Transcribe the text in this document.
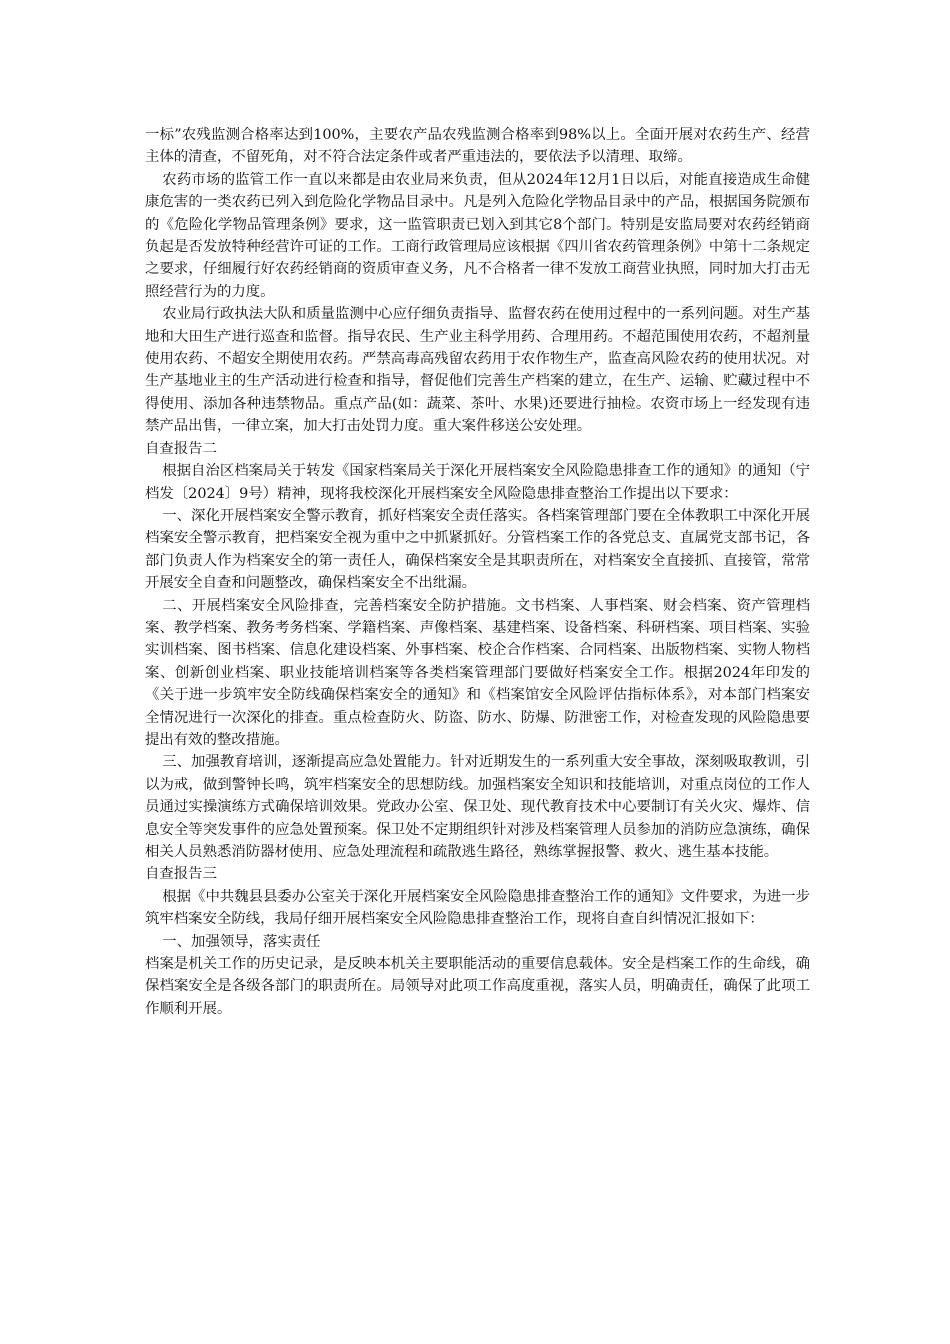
一标”农残监测合格率达到100%，主要农产品农残监测合格率到98%以上。全面开展对农药生产、经营主体的清查，不留死角，对不符合法定条件或者严重违法的，要依法予以清理、取缔。

农药市场的监管工作一直以来都是由农业局来负责，但从2024年12月1日以后，对能直接造成生命健康危害的一类农药已列入到危险化学物品目录中。凡是列入危险化学物品目录中的产品，根据国务院颁布的《危险化学物品管理条例》要求，这一监管职责已划入到其它8个部门。特别是安监局要对农药经销商负起是否发放特种经营许可证的工作。工商行政管理局应该根据《四川省农药管理条例》中第十二条规定之要求，仔细履行好农药经销商的资质审查义务，凡不合格者一律不发放工商营业执照，同时加大打击无照经营行为的力度。

农业局行政执法大队和质量监测中心应仔细负责指导、监督农药在使用过程中的一系列问题。对生产基地和大田生产进行巡查和监督。指导农民、生产业主科学用药、合理用药。不超范围使用农药，不超剂量使用农药、不超安全期使用农药。严禁高毒高残留农药用于农作物生产，监查高风险农药的使用状况。对生产基地业主的生产活动进行检查和指导，督促他们完善生产档案的建立，在生产、运输、贮藏过程中不得使用、添加各种违禁物品。重点产品(如：蔬菜、茶叶、水果)还要进行抽检。农资市场上一经发现有违禁产品出售，一律立案，加大打击处罚力度。重大案件移送公安处理。

自查报告二

根据自治区档案局关于转发《国家档案局关于深化开展档案安全风险隐患排查工作的通知》的通知（宁档发〔2024〕9号）精神，现将我校深化开展档案安全风险隐患排查整治工作提出以下要求：

一、深化开展档案安全警示教育，抓好档案安全责任落实。各档案管理部门要在全体教职工中深化开展档案安全警示教育，把档案安全视为重中之中抓紧抓好。分管档案工作的各党总支、直属党支部书记，各部门负责人作为档案安全的第一责任人，确保档案安全是其职责所在，对档案安全直接抓、直接管，常常开展安全自查和问题整改，确保档案安全不出纰漏。

二、开展档案安全风险排查，完善档案安全防护措施。文书档案、人事档案、财会档案、资产管理档案、教学档案、教务考务档案、学籍档案、声像档案、基建档案、设备档案、科研档案、项目档案、实验实训档案、图书档案、信息化建设档案、外事档案、校企合作档案、合同档案、出版物档案、实物人物档案、创新创业档案、职业技能培训档案等各类档案管理部门要做好档案安全工作。根据2024年印发的《关于进一步筑牢安全防线确保档案安全的通知》和《档案馆安全风险评估指标体系》，对本部门档案安全情况进行一次深化的排查。重点检查防火、防盗、防水、防爆、防泄密工作，对检查发现的风险隐患要提出有效的整改措施。

三、加强教育培训，逐渐提高应急处置能力。针对近期发生的一系列重大安全事故，深刻吸取教训，引以为戒，做到警钟长鸣，筑牢档案安全的思想防线。加强档案安全知识和技能培训，对重点岗位的工作人员通过实操演练方式确保培训效果。党政办公室、保卫处、现代教育技术中心要制订有关火灾、爆炸、信息安全等突发事件的应急处置预案。保卫处不定期组织针对涉及档案管理人员参加的消防应急演练，确保相关人员熟悉消防器材使用、应急处理流程和疏散逃生路径，熟练掌握报警、救火、逃生基本技能。

自查报告三

根据《中共魏县县委办公室关于深化开展档案安全风险隐患排查整治工作的通知》文件要求，为进一步筑牢档案安全防线，我局仔细开展档案安全风险隐患排查整治工作，现将自查自纠情况汇报如下：

一、加强领导，落实责任

档案是机关工作的历史记录，是反映本机关主要职能活动的重要信息载体。安全是档案工作的生命线，确保档案安全是各级各部门的职责所在。局领导对此项工作高度重视，落实人员，明确责任，确保了此项工作顺利开展。
